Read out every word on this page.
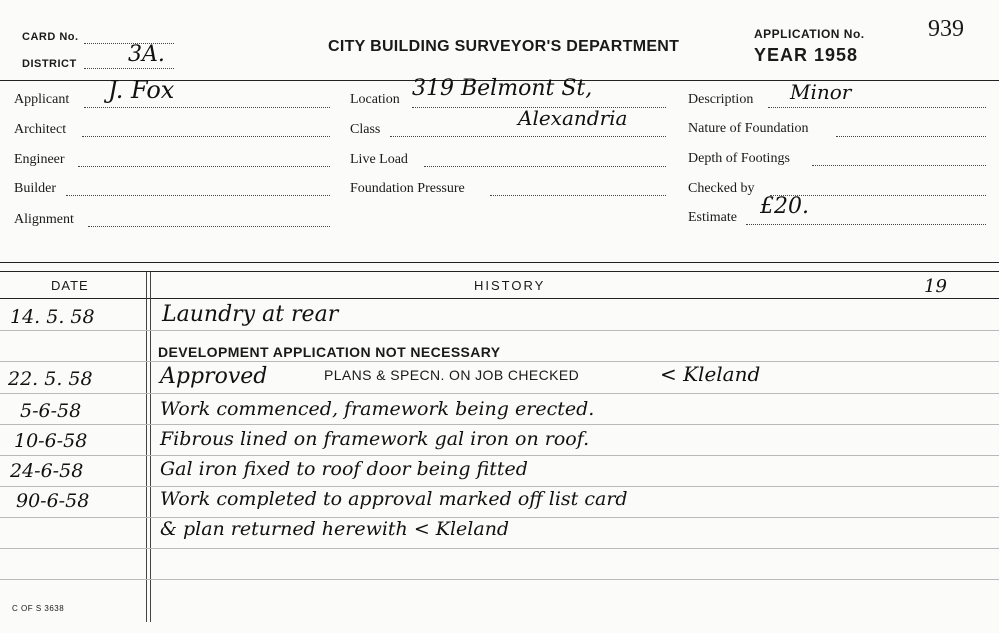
CARD No.
DISTRICT 3A.	CITY BUILDING SURVEYOR'S DEPARTMENT
APPLICATION No.	939
YEAR 1958
Applicant J. Fox
Architect
Engineer
Builder
Alignment
Location 319 Belmont St,
Class	Alexandria
Live Load
Foundation Pressure
Description Minor
Nature of Foundation
Depth of Footings
Checked by
Estimate £20.
DATE	HISTORY	19
14. 5. 58	Laundry at rear
DEVELOPMENT APPLICATION NOT NECESSARY
22. 5. 58	Approved	PLANS & SPECN. ON JOB CHECKED	< Kleland
5-6-58	Work commenced, framework being erected.
10-6-58	Fibrous lined on framework gal iron on roof.
24-6-58	Gal iron fixed to roof door being fitted
90-6-58	Work completed to approval marked off list card
& plan returned herewith < Kleland
C OF S 3638
